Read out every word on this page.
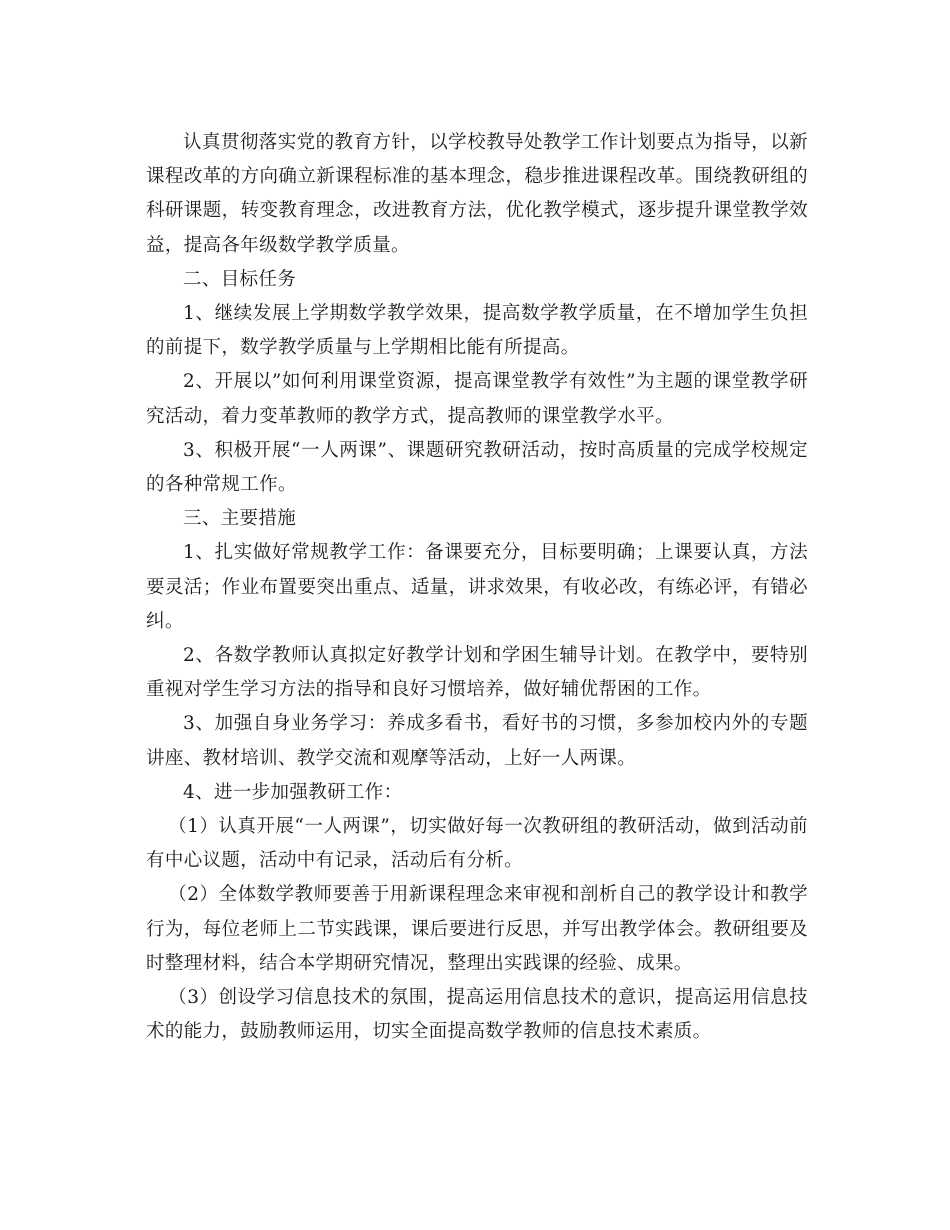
认真贯彻落实党的教育方针，以学校教导处教学工作计划要点为指导，以新课程改革的方向确立新课程标准的基本理念，稳步推进课程改革。围绕教研组的科研课题，转变教育理念，改进教育方法，优化教学模式，逐步提升课堂教学效益，提高各年级数学教学质量。

二、目标任务

1、继续发展上学期数学教学效果，提高数学教学质量，在不增加学生负担的前提下，数学教学质量与上学期相比能有所提高。

2、开展以”如何利用课堂资源，提高课堂教学有效性”为主题的课堂教学研究活动，着力变革教师的教学方式，提高教师的课堂教学水平。

3、积极开展“一人两课”、课题研究教研活动，按时高质量的完成学校规定的各种常规工作。

三、主要措施

1、扎实做好常规教学工作：备课要充分，目标要明确；上课要认真，方法要灵活；作业布置要突出重点、适量，讲求效果，有收必改，有练必评，有错必纠。

2、各数学教师认真拟定好教学计划和学困生辅导计划。在教学中，要特别重视对学生学习方法的指导和良好习惯培养，做好辅优帮困的工作。

3、加强自身业务学习：养成多看书，看好书的习惯，多参加校内外的专题讲座、教材培训、教学交流和观摩等活动，上好一人两课。

4、进一步加强教研工作：

（1）认真开展“一人两课”，切实做好每一次教研组的教研活动，做到活动前有中心议题，活动中有记录，活动后有分析。

（2）全体数学教师要善于用新课程理念来审视和剖析自己的教学设计和教学行为，每位老师上二节实践课，课后要进行反思，并写出教学体会。教研组要及时整理材料，结合本学期研究情况，整理出实践课的经验、成果。

（3）创设学习信息技术的氛围，提高运用信息技术的意识，提高运用信息技术的能力，鼓励教师运用，切实全面提高数学教师的信息技术素质。
